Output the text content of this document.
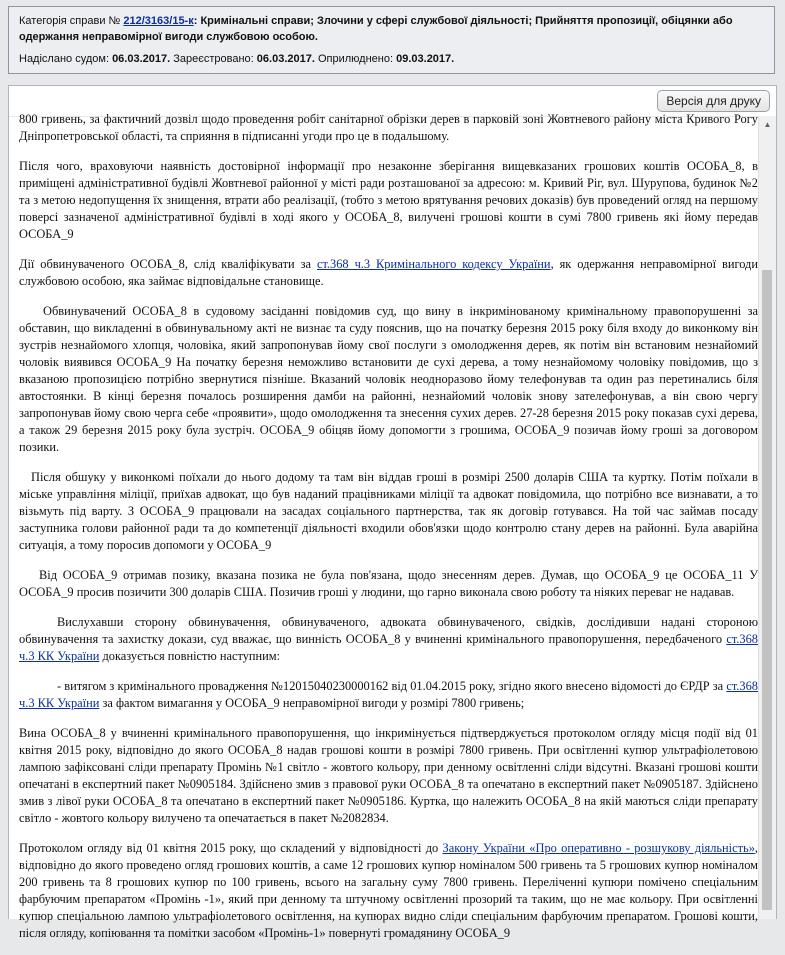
Категорія справи № 212/3163/15-к: Кримінальні справи; Злочини у сфері службової діяльності; Прийняття пропозиції, обіцянки або одержання неправомірної вигоди службовою особою.
Надіслано судом: 06.03.2017. Зареєстровано: 06.03.2017. Оприлюднено: 09.03.2017.
Версія для друку

800 гривень, за фактичний дозвіл щодо проведення робіт санітарної обрізки дерев в парковій зоні Жовтневого району міста Кривого Рогу Дніпропетровської області, та сприяння в підписанні угоди про це в подальшому.

Після чого, враховуючи наявність достовірної інформації про незаконне зберігання вищевказаних грошових коштів ОСОБА_8, в приміщені адміністративної будівлі Жовтневої районної у місті ради розташованої за адресою: м. Кривий Ріг, вул. Шурупова, будинок №2 та з метою недопущення їх знищення, втрати або реалізації, (тобто з метою врятування речових доказів) був проведений огляд на першому поверсі зазначеної адміністративної будівлі в ході якого у ОСОБА_8, вилучені грошові кошти в сумі 7800 гривень які йому передав ОСОБА_9

Дії обвинуваченого ОСОБА_8, слід кваліфікувати за ст.368 ч.3 Кримінального кодексу України, як одержання неправомірної вигоди службовою особою, яка займає відповідальне становище.

Обвинувачений ОСОБА_8 в судовому засіданні повідомив суд, що вину в інкримінованому кримінальному правопорушенні за обставин, що викладенні в обвинувальному акті не визнає та суду пояснив, що на початку березня 2015 року біля входу до виконкому він зустрів незнайомого хлопця, чоловіка, який запропонував йому свої послуги з омолодження дерев, як потім він встановим незнайомий чоловік виявився ОСОБА_9 На початку березня неможливо встановити де сухі дерева, а тому незнайомому чоловіку повідомив, що з вказаною пропозицією потрібно звернутися пізніше. Вказаний чоловік неодноразово йому телефонував та один раз перетинались біля автостоянки. В кінці березня почалось розширення дамби на районні, незнайомий чоловік знову зателефонував, а він свою чергу запропонував йому свою черга себе «проявити», щодо омолодження та знесення сухих дерев. 27-28 березня 2015 року показав сухі дерева, а також 29 березня 2015 року була зустріч. ОСОБА_9 обіцяв йому допомогти з грошима, ОСОБА_9 позичав йому гроші за договором позики.

Після обшуку у виконкомі поїхали до нього додому та там він віддав гроші в розмірі 2500 доларів США та куртку. Потім поїхали в міське управління міліції, приїхав адвокат, що був наданий працівниками міліції та адвокат повідомила, що потрібно все визнавати, а то візьмуть під варту. З ОСОБА_9 працювали на засадах соціального партнерства, так як договір готувався. На той час займав посаду заступника голови районної ради та до компетенції діяльності входили обов'язки щодо контролю стану дерев на районні. Була аварійна ситуація, а тому поросив допомоги у ОСОБА_9

Від ОСОБА_9 отримав позику, вказана позика не була пов'язана, щодо знесенням дерев. Думав, що ОСОБА_9 це ОСОБА_11 У ОСОБА_9 просив позичити 300 доларів США. Позичив гроші у людини, що гарно виконала свою роботу та ніяких переваг не надавав.

Вислухавши сторону обвинувачення, обвинуваченого, адвоката обвинуваченого, свідків, дослідивши надані стороною обвинувачення та захистку докази, суд вважає, що винність ОСОБА_8 у вчиненні кримінального правопорушення, передбаченого ст.368 ч.3 КК України доказується повністю наступним:

- витягом з кримінального провадження №12015040230000162 від 01.04.2015 року, згідно якого внесено відомості до ЄРДР за ст.368 ч.3 КК України за фактом вимагання у ОСОБА_9 неправомірної вигоди у розмірі 7800 гривень;

Вина ОСОБА_8 у вчиненні кримінального правопорушення, що інкримінується підтверджується протоколом огляду місця події від 01 квітня 2015 року, відповідно до якого ОСОБА_8 надав грошові кошти в розмірі 7800 гривень. При освітленні купюр ультрафіолетовою лампою зафіксовані сліди препарату Промінь №1 світло - жовтого кольору, при денному освітленні сліди відсутні. Вказані грошові кошти опечатані в експертний пакет №0905184. Здійснено змив з правової руки ОСОБА_8 та опечатано в експертний пакет №0905187. Здійснено змив з лівої руки ОСОБА_8 та опечатано в експертний пакет №0905186. Куртка, що належить ОСОБА_8 на якій маються сліди препарату світло - жовтого кольору вилучено та опечатається в пакет №2082834.

Протоколом огляду від 01 квітня 2015 року, що складений у відповідності до Закону України «Про оперативно - розшукову діяльність», відповідно до якого проведено огляд грошових коштів, а саме 12 грошових купюр номіналом 500 гривень та 5 грошових купюр номіналом 200 гривень та 8 грошових купюр по 100 гривень, всього на загальну суму 7800 гривень. Переліченні купюри помічено спеціальним фарбуючим препаратом «Промінь -1», який при денному та штучному освітленні прозорий та таким, що не має кольору. При освітленні купюр спеціальною лампою ультрафіолетового освітлення, на купюрах видно сліди спеціальним фарбуючим препаратом. Грошові кошти, після огляду, копіювання та помітки засобом «Промінь-1» повернуті громадянину ОСОБА_9

▲
